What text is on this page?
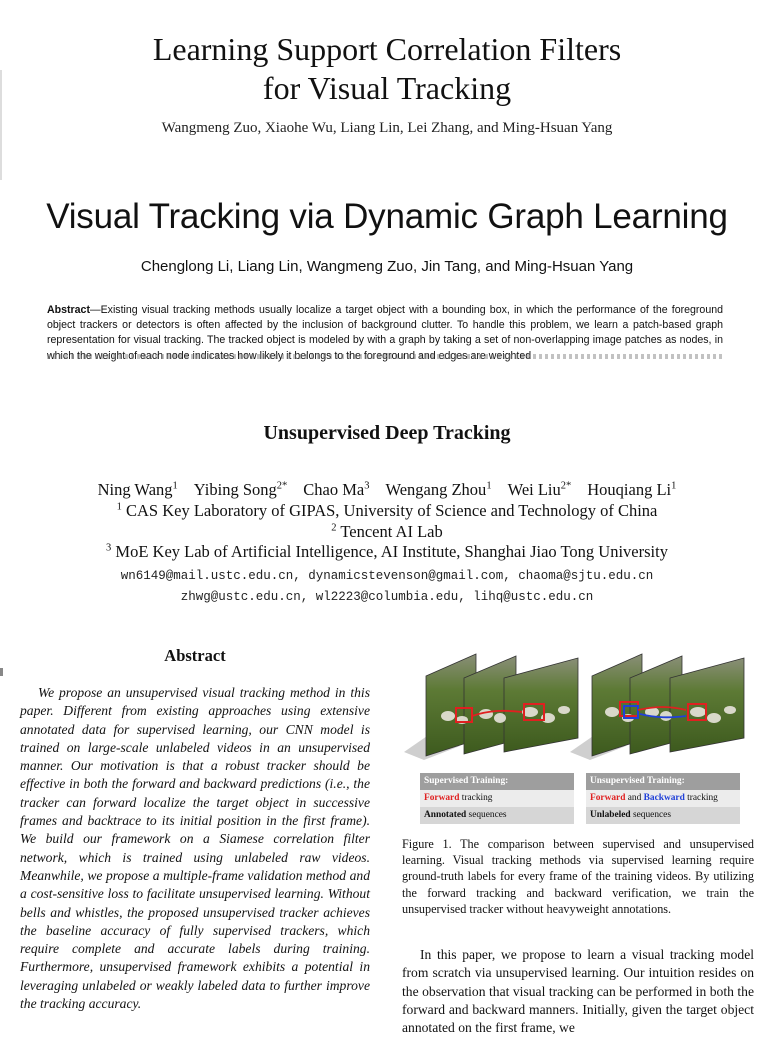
Learning Support Correlation Filters
for Visual Tracking
Wangmeng Zuo, Xiaohe Wu, Liang Lin, Lei Zhang, and Ming-Hsuan Yang
Visual Tracking via Dynamic Graph Learning
Chenglong Li, Liang Lin, Wangmeng Zuo, Jin Tang, and Ming-Hsuan Yang
Abstract—Existing visual tracking methods usually localize a target object with a bounding box, in which the performance of the foreground object trackers or detectors is often affected by the inclusion of background clutter. To handle this problem, we learn a patch-based graph representation for visual tracking. The tracked object is modeled by with a graph by taking a set of non-overlapping image patches as nodes, in which the weight of each node indicates how likely it belongs to the foreground and edges are weighted
Unsupervised Deep Tracking
Ning Wang$^1$ Yibing Song$^{2*}$ Chao Ma$^3$ Wengang Zhou$^1$ Wei Liu$^{2*}$ Houqiang Li$^1$
$^1$ CAS Key Laboratory of GIPAS, University of Science and Technology of China
$^2$ Tencent AI Lab
$^3$ MoE Key Lab of Artificial Intelligence, AI Institute, Shanghai Jiao Tong University
wn6149@mail.ustc.edu.cn, dynamicstevenson@gmail.com, chaoma@sjtu.edu.cn
zhwg@ustc.edu.cn, wl2223@columbia.edu, lihq@ustc.edu.cn
Abstract
We propose an unsupervised visual tracking method in this paper. Different from existing approaches using extensive annotated data for supervised learning, our CNN model is trained on large-scale unlabeled videos in an unsupervised manner. Our motivation is that a robust tracker should be effective in both the forward and backward predictions (i.e., the tracker can forward localize the target object in successive frames and backtrace to its initial position in the first frame). We build our framework on a Siamese correlation filter network, which is trained using unlabeled raw videos. Meanwhile, we propose a multiple-frame validation method and a cost-sensitive loss to facilitate unsupervised learning. Without bells and whistles, the proposed unsupervised tracker achieves the baseline accuracy of fully supervised trackers, which require complete and accurate labels during training. Furthermore, unsupervised framework exhibits a potential in leveraging unlabeled or weakly labeled data to further improve the tracking accuracy.
Supervised Training:
Forward tracking
Annotated sequences
Unsupervised Training:
Forward and Backward tracking
Unlabeled sequences
Figure 1. The comparison between supervised and unsupervised learning. Visual tracking methods via supervised learning require ground-truth labels for every frame of the training videos. By utilizing the forward tracking and backward verification, we train the unsupervised tracker without heavyweight annotations.
In this paper, we propose to learn a visual tracking model from scratch via unsupervised learning. Our intuition resides on the observation that visual tracking can be performed in both the forward and backward manners. Initially, given the target object annotated on the first frame, we
